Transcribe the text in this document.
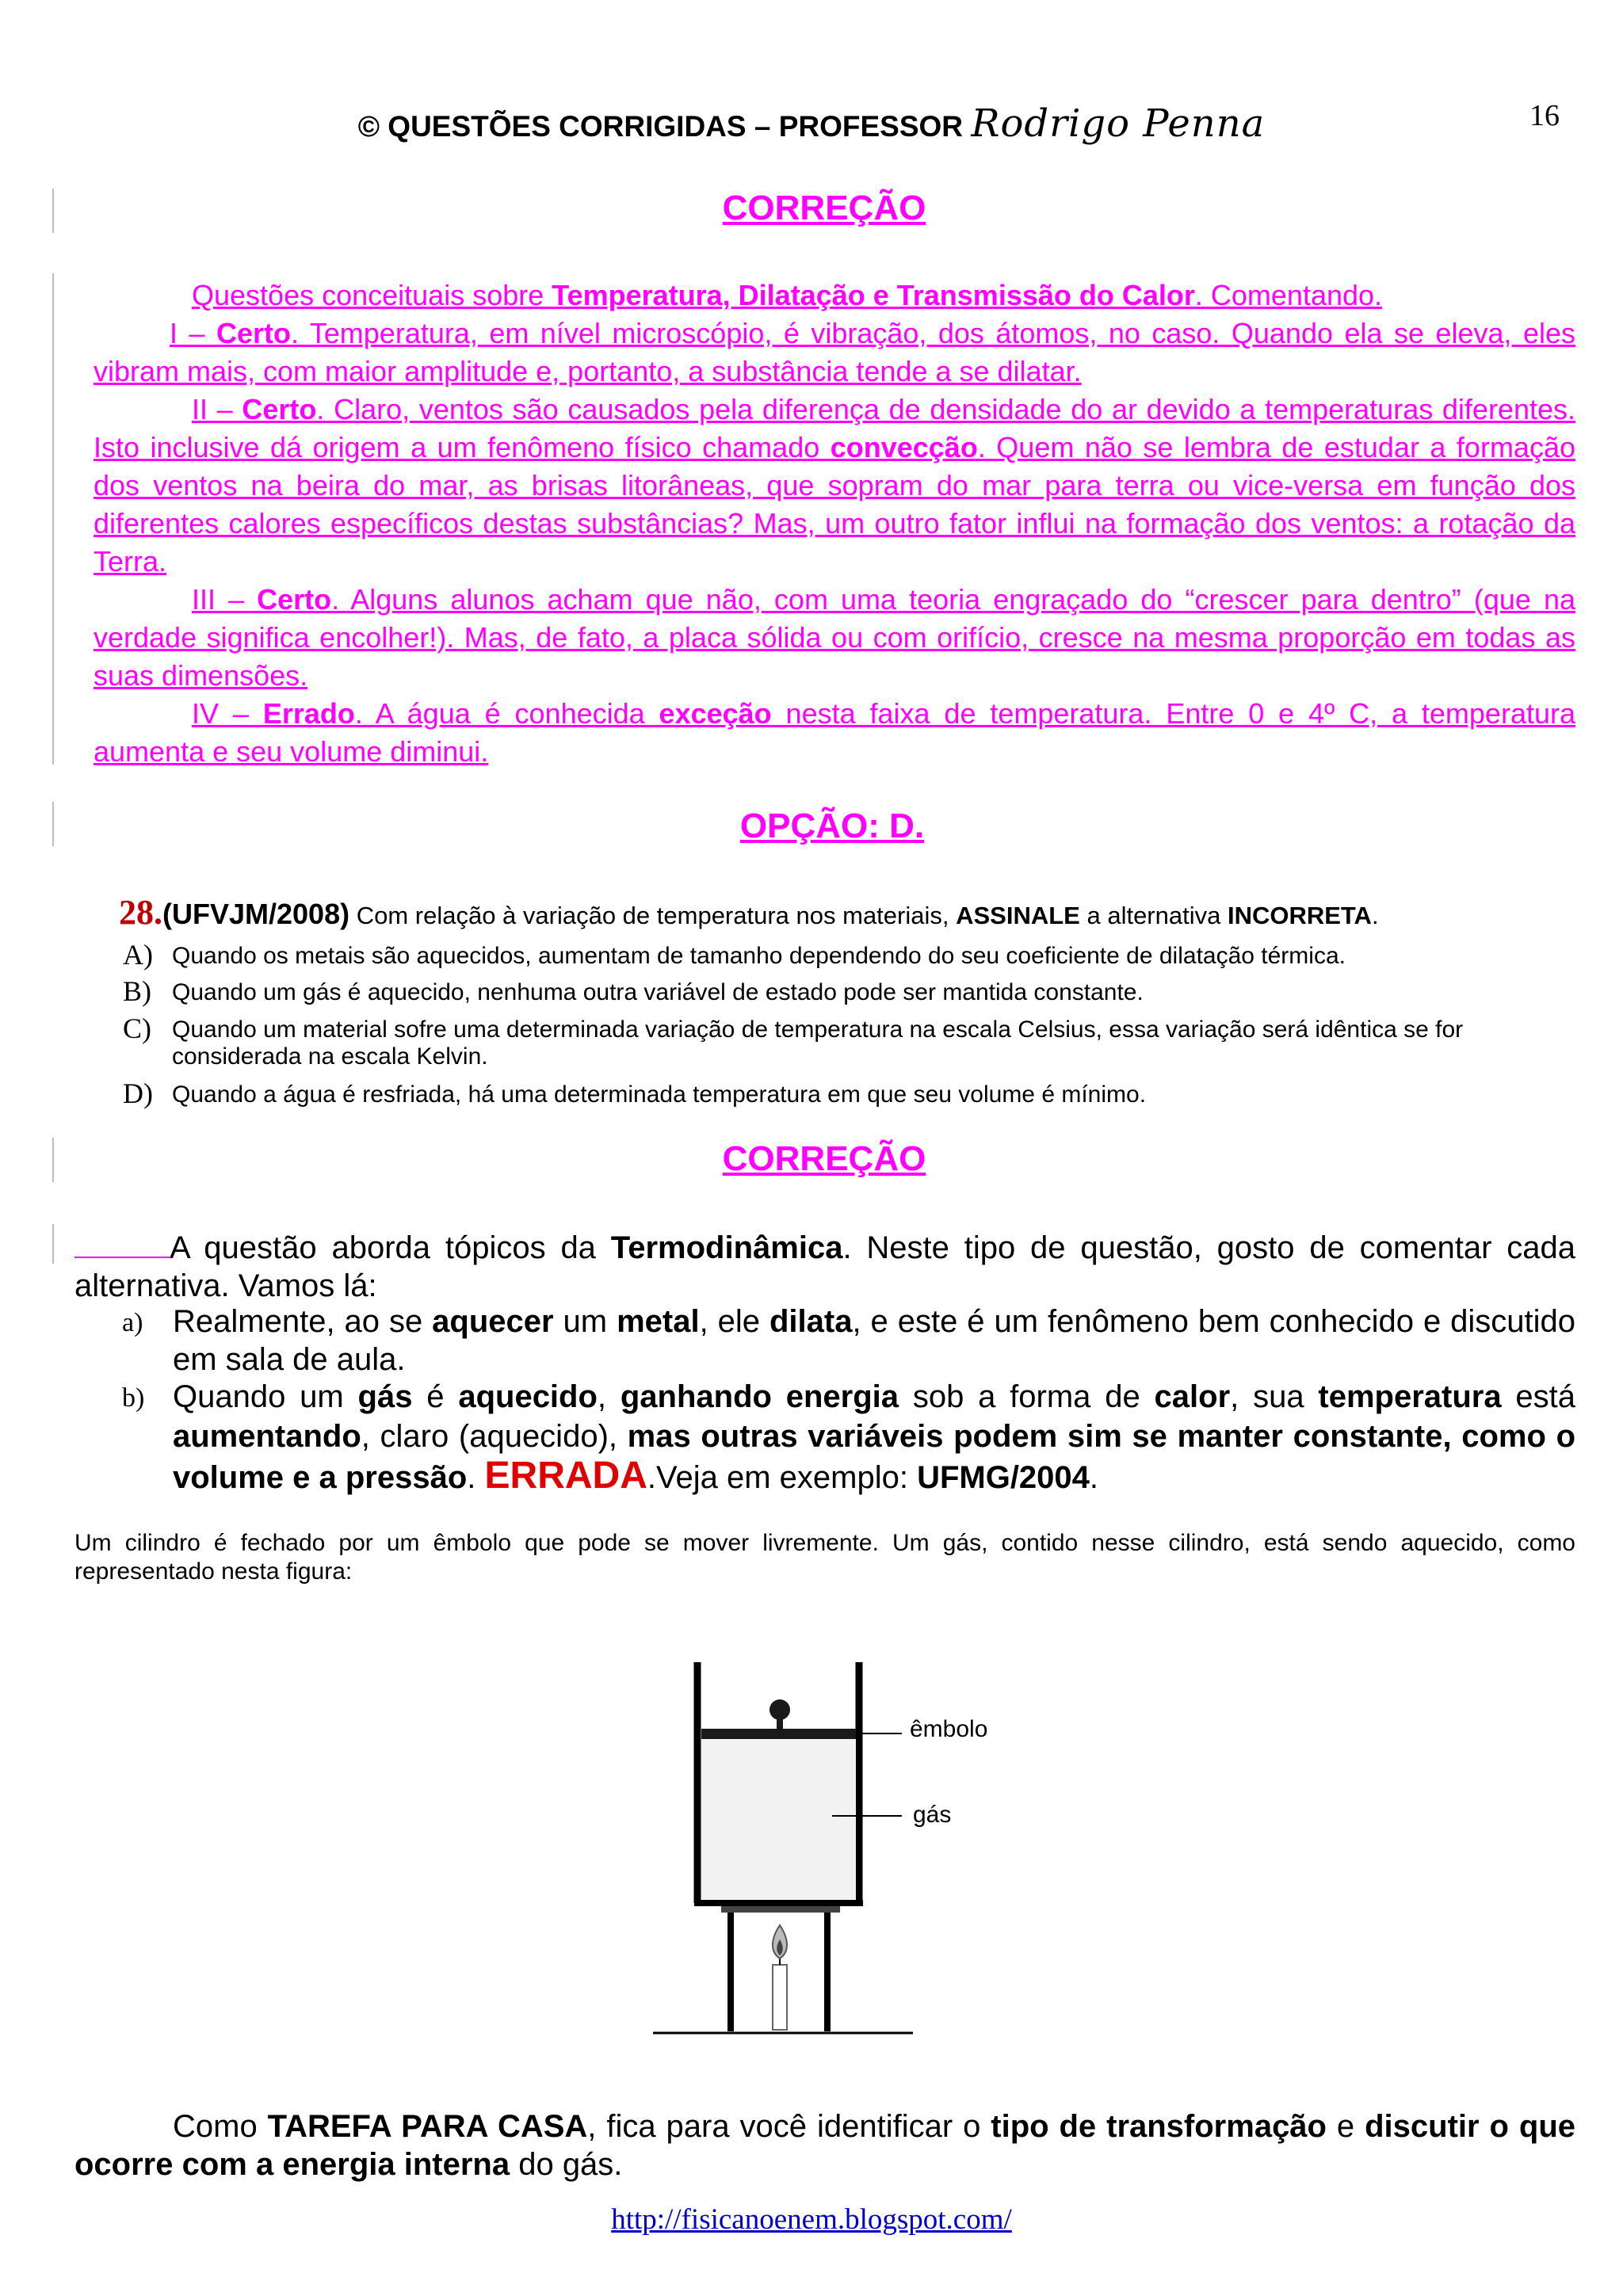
© QUESTÕES CORRIGIDAS – PROFESSOR Rodrigo Penna	16
CORREÇÃO

Questões conceituais sobre Temperatura, Dilatação e Transmissão do Calor. Comentando.

I – Certo. Temperatura, em nível microscópio, é vibração, dos átomos, no caso. Quando ela se eleva, eles vibram mais, com maior amplitude e, portanto, a substância tende a se dilatar.

II – Certo. Claro, ventos são causados pela diferença de densidade do ar devido a temperaturas diferentes. Isto inclusive dá origem a um fenômeno físico chamado convecção. Quem não se lembra de estudar a formação dos ventos na beira do mar, as brisas litorâneas, que sopram do mar para terra ou vice-versa em função dos diferentes calores específicos destas substâncias? Mas, um outro fator influi na formação dos ventos: a rotação da Terra.

III – Certo. Alguns alunos acham que não, com uma teoria engraçado do “crescer para dentro” (que na verdade significa encolher!). Mas, de fato, a placa sólida ou com orifício, cresce na mesma proporção em todas as suas dimensões.

IV – Errado. A água é conhecida exceção nesta faixa de temperatura. Entre 0 e 4º C, a temperatura aumenta e seu volume diminui.

OPÇÃO: D.
28.(UFVJM/2008) Com relação à variação de temperatura nos materiais, ASSINALE a alternativa INCORRETA.
A) Quando os metais são aquecidos, aumentam de tamanho dependendo do seu coeficiente de dilatação térmica.
B) Quando um gás é aquecido, nenhuma outra variável de estado pode ser mantida constante.
C) Quando um material sofre uma determinada variação de temperatura na escala Celsius, essa variação será idêntica se for considerada na escala Kelvin.
D) Quando a água é resfriada, há uma determinada temperatura em que seu volume é mínimo.
CORREÇÃO

A questão aborda tópicos da Termodinâmica. Neste tipo de questão, gosto de comentar cada alternativa. Vamos lá:

a) Realmente, ao se aquecer um metal, ele dilata, e este é um fenômeno bem conhecido e discutido em sala de aula.
b) Quando um gás é aquecido, ganhando energia sob a forma de calor, sua temperatura está aumentando, claro (aquecido), mas outras variáveis podem sim se manter constante, como o volume e a pressão. ERRADA.Veja em exemplo: UFMG/2004.
Um cilindro é fechado por um êmbolo que pode se mover livremente. Um gás, contido nesse cilindro, está sendo aquecido, como representado nesta figura:
êmbolo
gás

Como TAREFA PARA CASA, fica para você identificar o tipo de transformação e discutir o que ocorre com a energia interna do gás.

http://fisicanoenem.blogspot.com/
